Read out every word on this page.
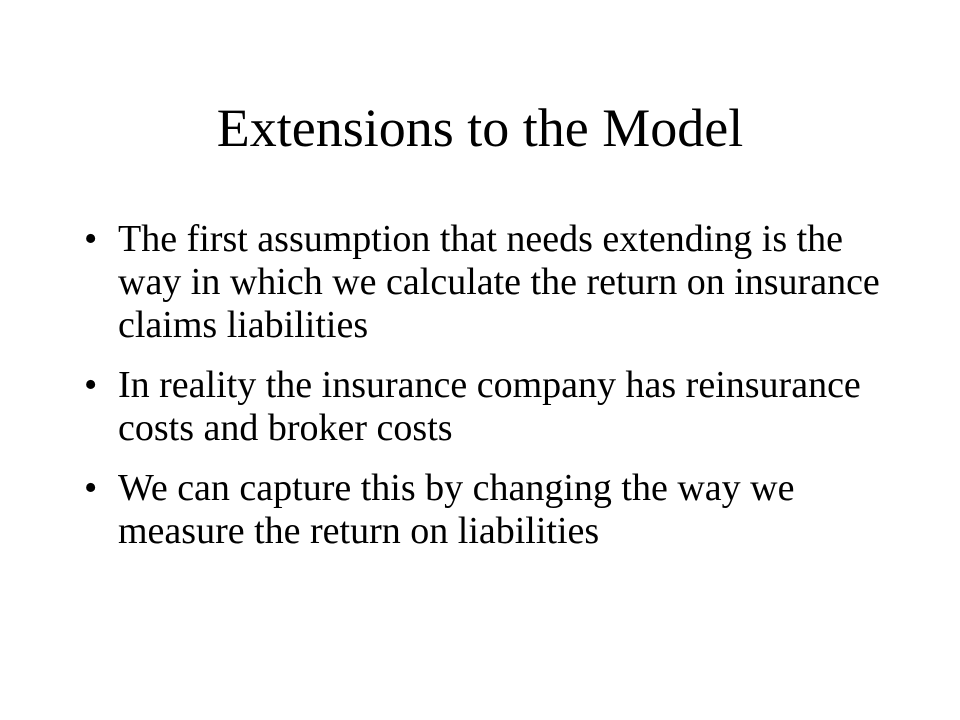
Extensions to the Model
• The first assumption that needs extending is the way in which we calculate the return on insurance claims liabilities
• In reality the insurance company has reinsurance costs and broker costs
• We can capture this by changing the way we measure the return on liabilities
